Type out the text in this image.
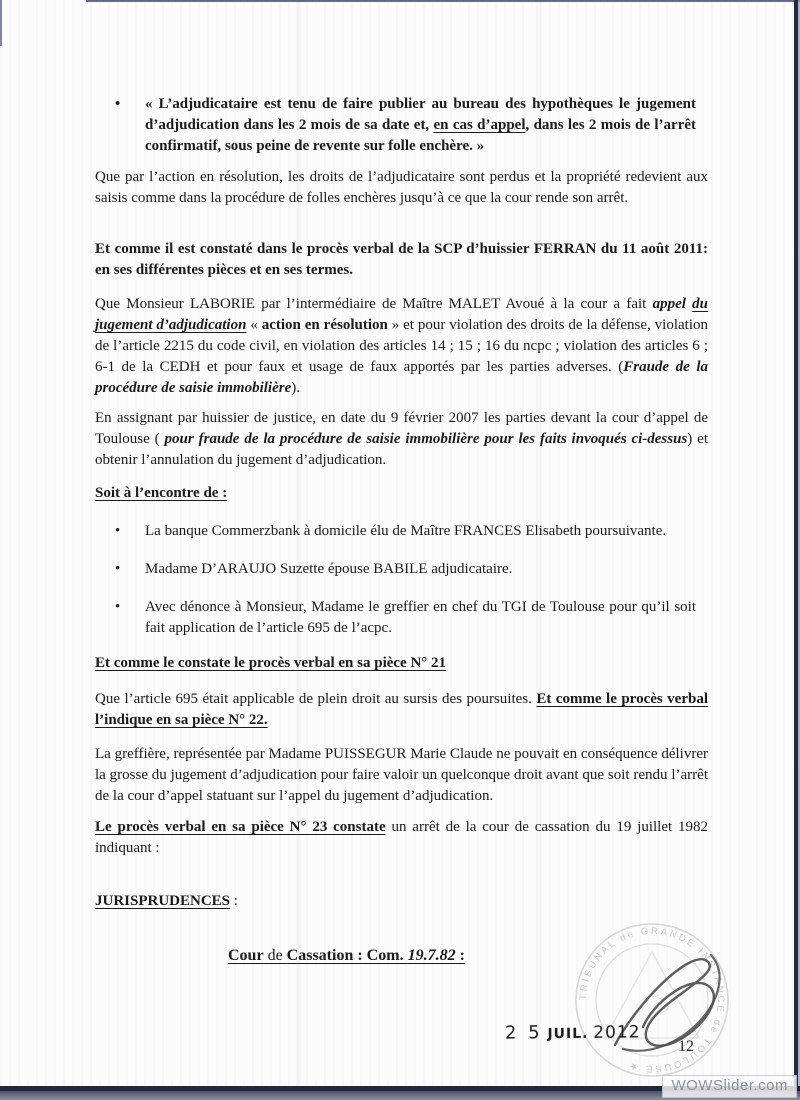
•	« L’adjudicataire est tenu de faire publier au bureau des hypothèques le jugement d’adjudication dans les 2 mois de sa date et, en cas d’appel, dans les 2 mois de l’arrêt confirmatif, sous peine de revente sur folle enchère. »

Que par l’action en résolution, les droits de l’adjudicataire sont perdus et la propriété redevient aux saisis comme dans la procédure de folles enchères jusqu’à ce que la cour rende son arrêt.

Et comme il est constaté dans le procès verbal de la SCP d’huissier FERRAN du 11 août 2011: en ses différentes pièces et en ses termes.

Que Monsieur LABORIE par l’intermédiaire de Maître MALET Avoué à la cour a fait appel du jugement d’adjudication « action en résolution » et pour violation des droits de la défense, violation de l’article 2215 du code civil, en violation des articles 14 ; 15 ; 16 du ncpc ; violation des articles 6 ; 6-1 de la CEDH et pour faux et usage de faux apportés par les parties adverses. (Fraude de la procédure de saisie immobilière).

En assignant par huissier de justice, en date du 9 février 2007 les parties devant la cour d’appel de Toulouse ( pour fraude de la procédure de saisie immobilière pour les faits invoqués ci-dessus) et obtenir l’annulation du jugement d’adjudication.

Soit à l’encontre de :

•	La banque Commerzbank à domicile élu de Maître FRANCES Elisabeth poursuivante.
•	Madame D’ARAUJO Suzette épouse BABILE adjudicataire.
•	Avec dénonce à Monsieur, Madame le greffier en chef du TGI de Toulouse pour qu’il soit fait application de l’article 695 de l’acpc.

Et comme le constate le procès verbal en sa pièce N° 21

Que l’article 695 était applicable de plein droit au sursis des poursuites. Et comme le procès verbal l’indique en sa pièce N° 22.

La greffière, représentée par Madame PUISSEGUR Marie Claude ne pouvait en conséquence délivrer la grosse du jugement d’adjudication pour faire valoir un quelconque droit avant que soit rendu l’arrêt de la cour d’appel statuant sur l’appel du jugement d’adjudication.

Le procès verbal en sa pièce N° 23 constate un arrêt de la cour de cassation du 19 juillet 1982 indiquant :

JURISPRUDENCES :

Cour de Cassation : Com. 19.7.82 :

TRIBUNAL de GRANDE INSTANCE de TOULOUSE ★
2 5 JUIL. 2012

12

WOWSlider.com
